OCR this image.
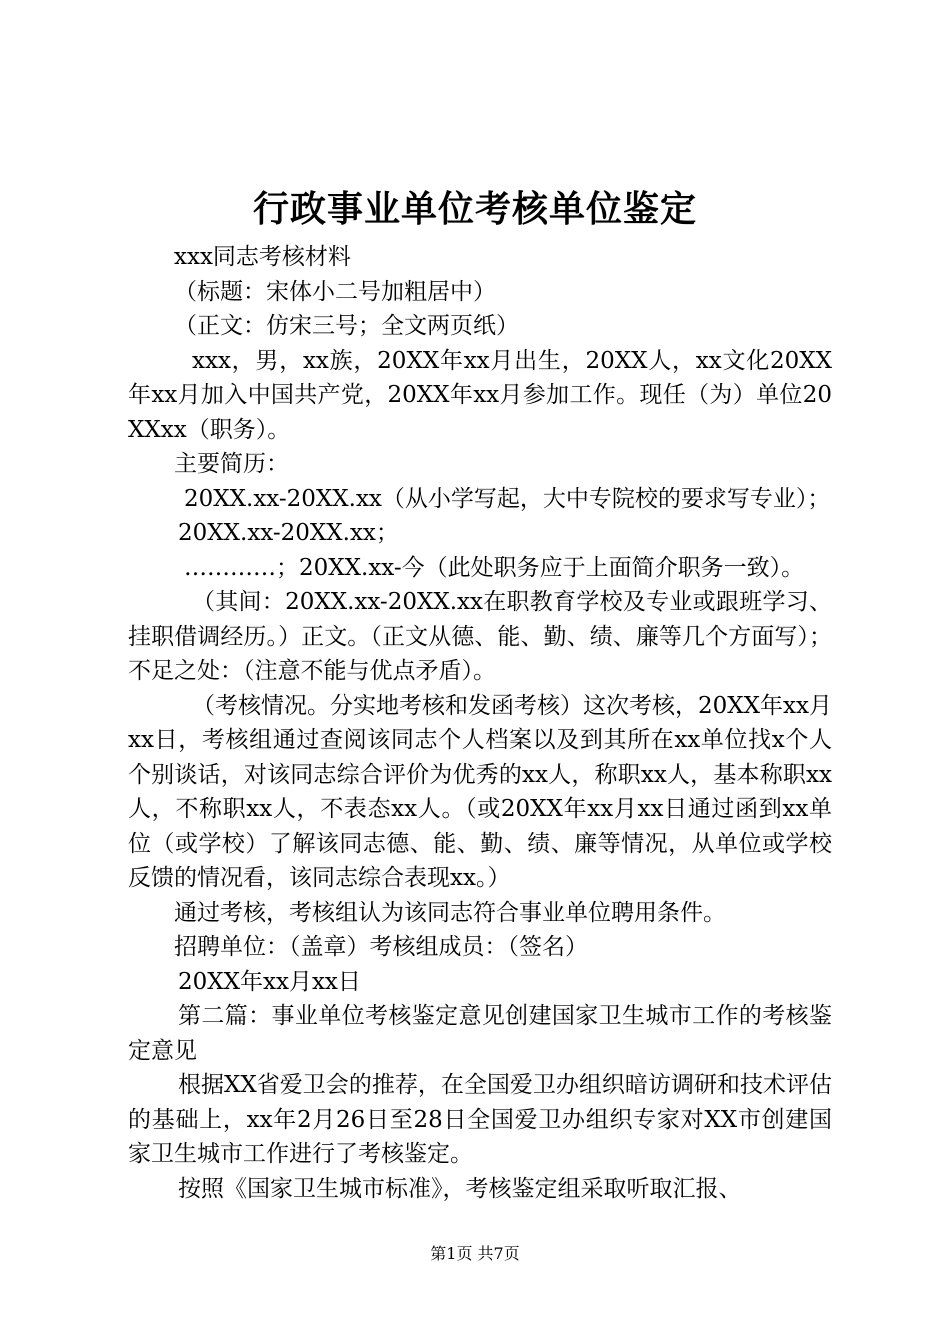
行政事业单位考核单位鉴定

xxx同志考核材料

（标题：宋体小二号加粗居中）

（正文：仿宋三号；全文两页纸）

xxx，男，xx族，20XX年xx月出生，20XX人，xx文化20XX年xx月加入中国共产党，20XX年xx月参加工作。现任（为）单位20XXxx（职务）。

主要简历：

20XX.xx-20XX.xx（从小学写起，大中专院校的要求写专业）；

20XX.xx-20XX.xx；

…………；20XX.xx-今（此处职务应于上面简介职务一致）。

（其间：20XX.xx-20XX.xx在职教育学校及专业或跟班学习、挂职借调经历。）正文。（正文从德、能、勤、绩、廉等几个方面写）；不足之处：（注意不能与优点矛盾）。

（考核情况。分实地考核和发函考核）这次考核，20XX年xx月xx日，考核组通过查阅该同志个人档案以及到其所在xx单位找x个人个别谈话，对该同志综合评价为优秀的xx人，称职xx人，基本称职xx人，不称职xx人，不表态xx人。（或20XX年xx月xx日通过函到xx单位（或学校）了解该同志德、能、勤、绩、廉等情况，从单位或学校反馈的情况看，该同志综合表现xx。）

通过考核，考核组认为该同志符合事业单位聘用条件。

招聘单位：（盖章）考核组成员：（签名）

20XX年xx月xx日

第二篇：事业单位考核鉴定意见创建国家卫生城市工作的考核鉴定意见

根据XX省爱卫会的推荐，在全国爱卫办组织暗访调研和技术评估的基础上，xx年2月26日至28日全国爱卫办组织专家对XX市创建国家卫生城市工作进行了考核鉴定。

按照《国家卫生城市标准》，考核鉴定组采取听取汇报、

第1页 共7页
